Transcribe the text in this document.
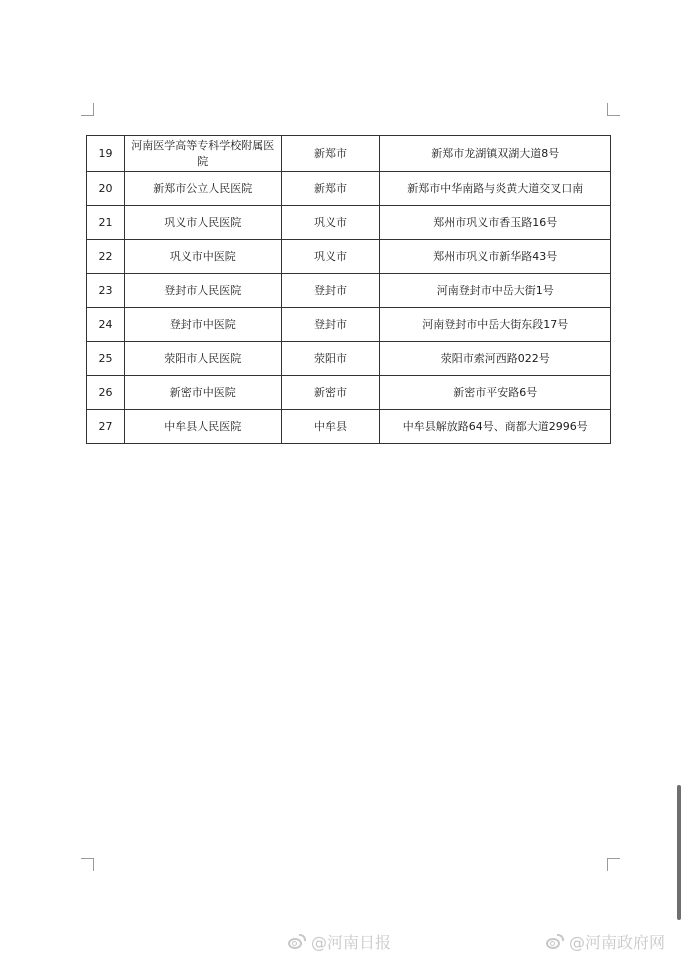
19	河南医学高等专科学校附属医院	新郑市	新郑市龙湖镇双湖大道8号
20	新郑市公立人民医院	新郑市	新郑市中华南路与炎黄大道交叉口南
21	巩义市人民医院	巩义市	郑州市巩义市香玉路16号
22	巩义市中医院	巩义市	郑州市巩义市新华路43号
23	登封市人民医院	登封市	河南登封市中岳大街1号
24	登封市中医院	登封市	河南登封市中岳大街东段17号
25	荥阳市人民医院	荥阳市	荥阳市索河西路022号
26	新密市中医院	新密市	新密市平安路6号
27	中牟县人民医院	中牟县	中牟县解放路64号、商都大道2996号
@河南日报	@河南政府网
